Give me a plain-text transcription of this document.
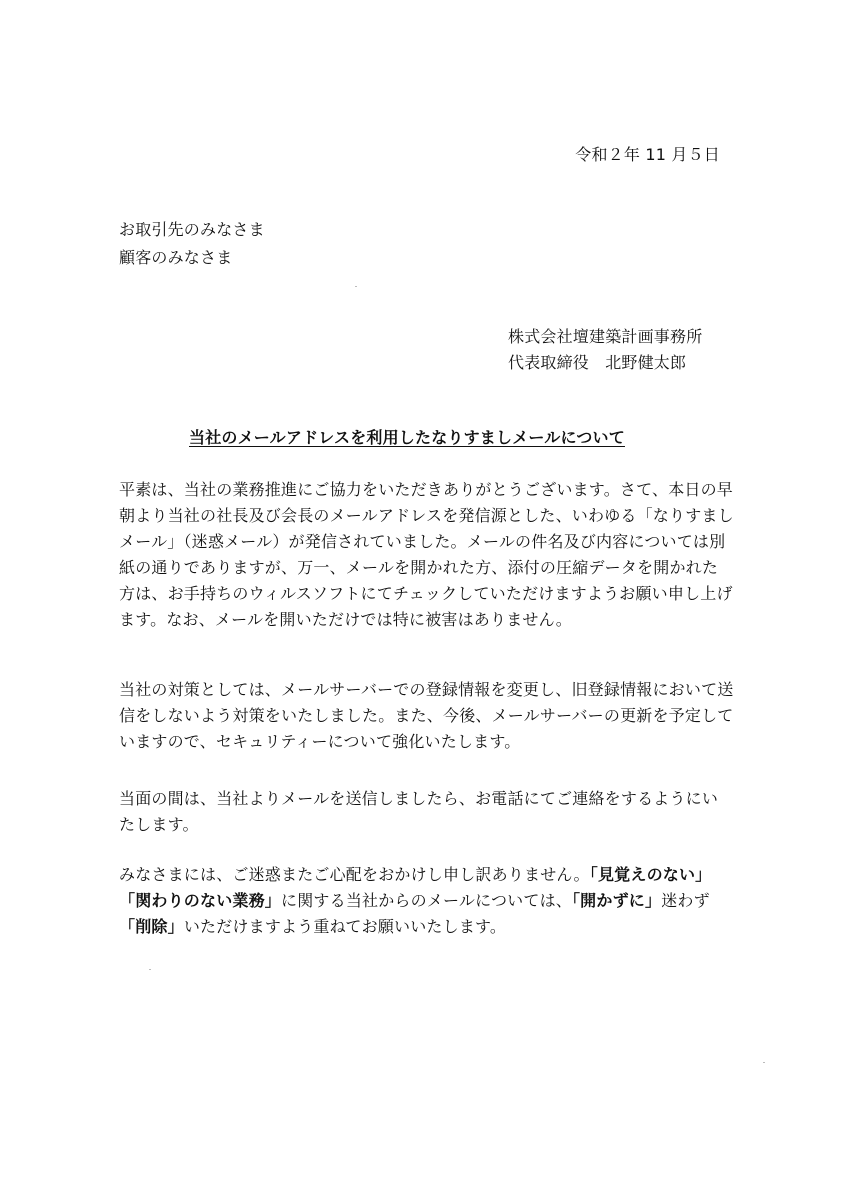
令和２年 11 月５日

お取引先のみなさま

顧客のみなさま

株式会社壇建築計画事務所

代表取締役　北野健太郎

当社のメールアドレスを利用したなりすましメールについて

平素は、当社の業務推進にご協力をいただきありがとうございます。さて、本日の早朝より当社の社長及び会長のメールアドレスを発信源とした、いわゆる「なりすましメール」（迷惑メール）が発信されていました。メールの件名及び内容については別紙の通りでありますが、万一、メールを開かれた方、添付の圧縮データを開かれた方は、お手持ちのウィルスソフトにてチェックしていただけますようお願い申し上げます。なお、メールを開いただけでは特に被害はありません。

当社の対策としては、メールサーバーでの登録情報を変更し、旧登録情報において送信をしないよう対策をいたしました。また、今後、メールサーバーの更新を予定していますので、セキュリティーについて強化いたします。

当面の間は、当社よりメールを送信しましたら、お電話にてご連絡をするようにいたします。

みなさまには、ご迷惑またご心配をおかけし申し訳ありません。「見覚えのない」「関わりのない業務」に関する当社からのメールについては、「開かずに」迷わず「削除」いただけますよう重ねてお願いいたします。
